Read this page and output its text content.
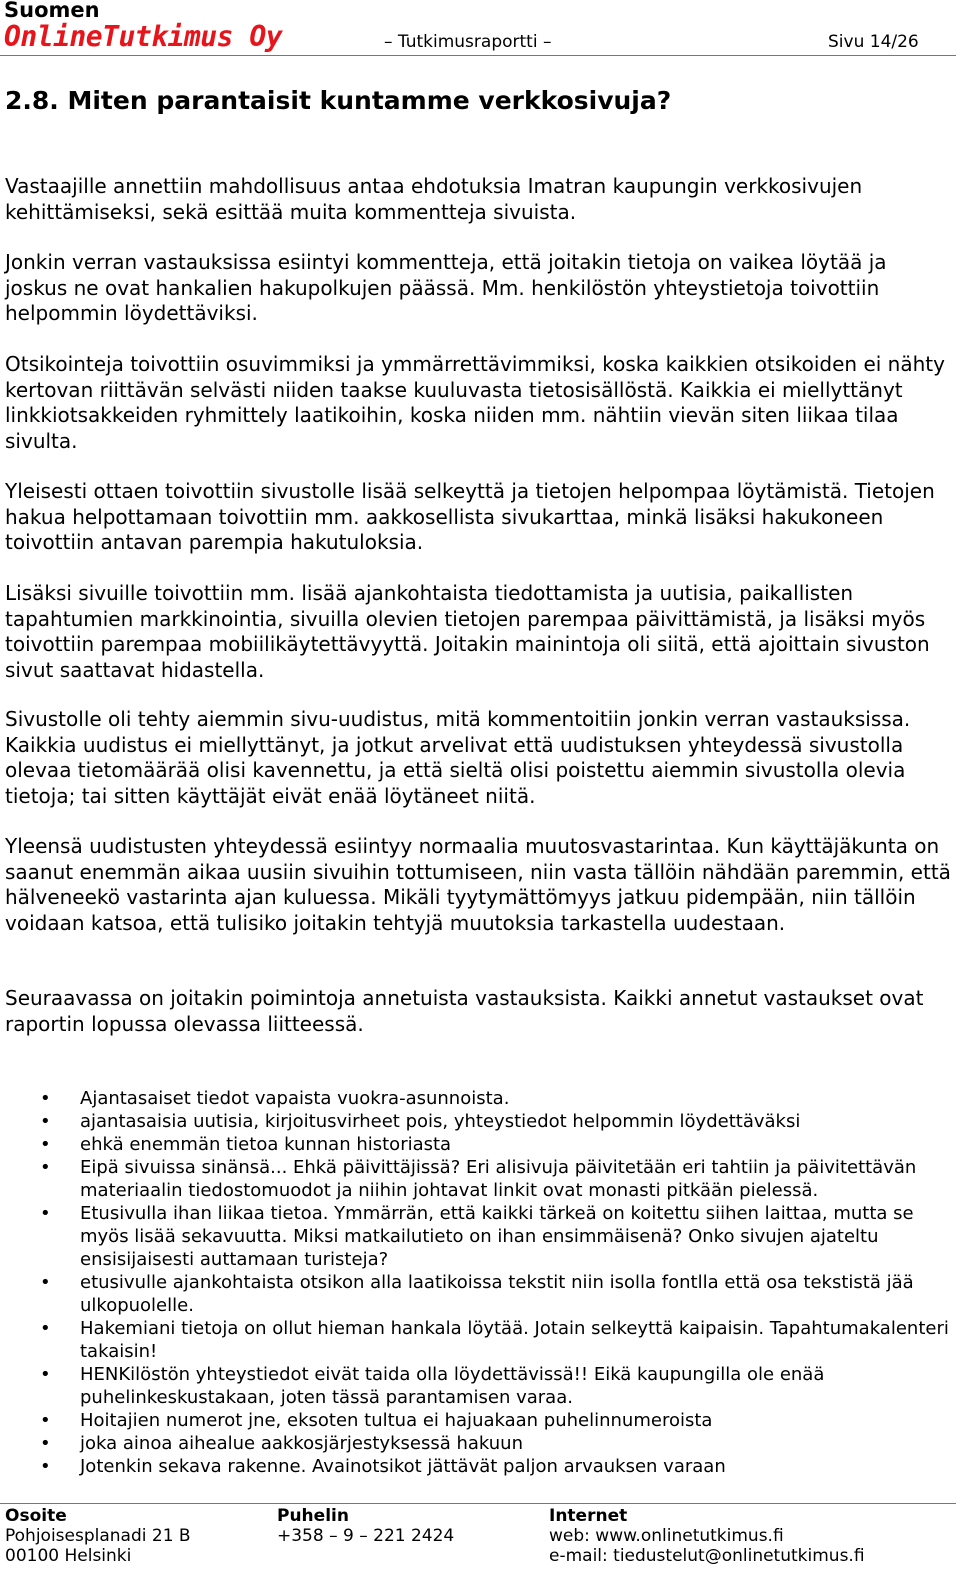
Suomen
OnlineTutkimus Oy	– Tutkimusraportti –	Sivu 14/26
2.8. Miten parantaisit kuntamme verkkosivuja?

Vastaajille annettiin mahdollisuus antaa ehdotuksia Imatran kaupungin verkkosivujen kehittämiseksi, sekä esittää muita kommentteja sivuista.

Jonkin verran vastauksissa esiintyi kommentteja, että joitakin tietoja on vaikea löytää ja joskus ne ovat hankalien hakupolkujen päässä. Mm. henkilöstön yhteystietoja toivottiin helpommin löydettäviksi.

Otsikointeja toivottiin osuvimmiksi ja ymmärrettävimmiksi, koska kaikkien otsikoiden ei nähty kertovan riittävän selvästi niiden taakse kuuluvasta tietosisällöstä. Kaikkia ei miellyttänyt linkkiotsakkeiden ryhmittely laatikoihin, koska niiden mm. nähtiin vievän siten liikaa tilaa sivulta.

Yleisesti ottaen toivottiin sivustolle lisää selkeyttä ja tietojen helpompaa löytämistä. Tietojen hakua helpottamaan toivottiin mm. aakkosellista sivukarttaa, minkä lisäksi hakukoneen toivottiin antavan parempia hakutuloksia.

Lisäksi sivuille toivottiin mm. lisää ajankohtaista tiedottamista ja uutisia, paikallisten tapahtumien markkinointia, sivuilla olevien tietojen parempaa päivittämistä, ja lisäksi myös toivottiin parempaa mobiilikäytettävyyttä. Joitakin mainintoja oli siitä, että ajoittain sivuston sivut saattavat hidastella.

Sivustolle oli tehty aiemmin sivu-uudistus, mitä kommentoitiin jonkin verran vastauksissa. Kaikkia uudistus ei miellyttänyt, ja jotkut arvelivat että uudistuksen yhteydessä sivustolla olevaa tietomäärää olisi kavennettu, ja että sieltä olisi poistettu aiemmin sivustolla olevia tietoja; tai sitten käyttäjät eivät enää löytäneet niitä.

Yleensä uudistusten yhteydessä esiintyy normaalia muutosvastarintaa. Kun käyttäjäkunta on saanut enemmän aikaa uusiin sivuihin tottumiseen, niin vasta tällöin nähdään paremmin, että hälveneekö vastarinta ajan kuluessa. Mikäli tyytymättömyys jatkuu pidempään, niin tällöin voidaan katsoa, että tulisiko joitakin tehtyjä muutoksia tarkastella uudestaan.

Seuraavassa on joitakin poimintoja annetuista vastauksista. Kaikki annetut vastaukset ovat raportin lopussa olevassa liitteessä.

• Ajantasaiset tiedot vapaista vuokra-asunnoista.
• ajantasaisia uutisia, kirjoitusvirheet pois, yhteystiedot helpommin löydettäväksi
• ehkä enemmän tietoa kunnan historiasta
• Eipä sivuissa sinänsä... Ehkä päivittäjissä? Eri alisivuja päivitetään eri tahtiin ja päivitettävän materiaalin tiedostomuodot ja niihin johtavat linkit ovat monasti pitkään pielessä.
• Etusivulla ihan liikaa tietoa. Ymmärrän, että kaikki tärkeä on koitettu siihen laittaa, mutta se myös lisää sekavuutta. Miksi matkailutieto on ihan ensimmäisenä? Onko sivujen ajateltu ensisijaisesti auttamaan turisteja?
• etusivulle ajankohtaista otsikon alla laatikoissa tekstit niin isolla fontlla että osa tekstistä jää ulkopuolelle.
• Hakemiani tietoja on ollut hieman hankala löytää. Jotain selkeyttä kaipaisin. Tapahtumakalenteri takaisin!
• HENKilöstön yhteystiedot eivät taida olla löydettävissä!! Eikä kaupungilla ole enää puhelinkeskustakaan, joten tässä parantamisen varaa.
• Hoitajien numerot jne, eksoten tultua ei hajuakaan puhelinnumeroista
• joka ainoa aihealue aakkosjärjestyksessä hakuun
• Jotenkin sekava rakenne. Avainotsikot jättävät paljon arvauksen varaan
Osoite
Pohjoisesplanadi 21 B
00100 Helsinki
Puhelin
+358 – 9 – 221 2424
Internet
web: www.onlinetutkimus.fi
e-mail: tiedustelut@onlinetutkimus.fi
